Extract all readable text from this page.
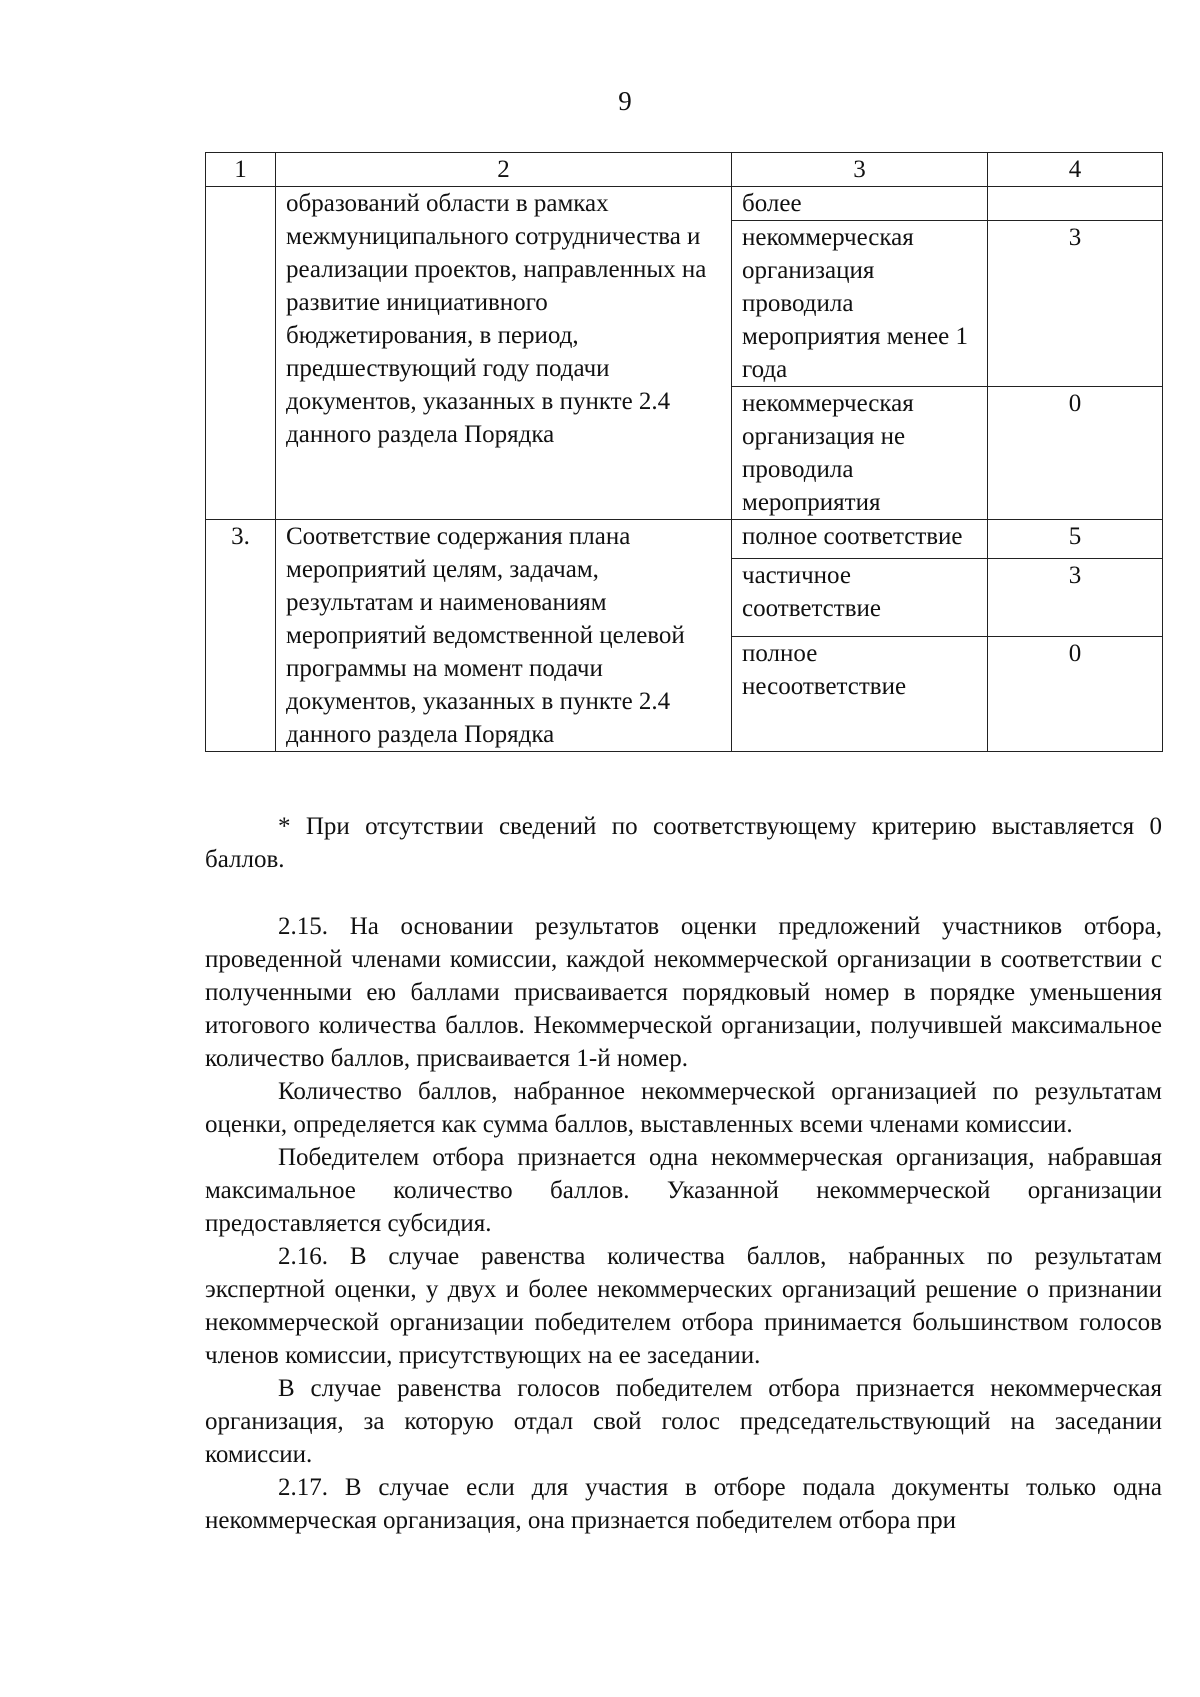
9
1	2	3	4
	образований области в рамках межмуниципального сотрудничества и реализации проектов, направленных на развитие инициативного бюджетирования, в период, предшествующий году подачи документов, указанных в пункте 2.4 данного раздела Порядка	более	
		некоммерческая организация проводила мероприятия менее 1 года	3
		некоммерческая организация не проводила мероприятия	0
3.	Соответствие содержания плана мероприятий целям, задачам, результатам и наименованиям мероприятий ведомственной целевой программы на момент подачи документов, указанных в пункте 2.4 данного раздела Порядка	полное соответствие	5
		частичное соответствие	3
		полное несоответствие	0

* При отсутствии сведений по соответствующему критерию выставляется 0 баллов.

2.15. На основании результатов оценки предложений участников отбора, проведенной членами комиссии, каждой некоммерческой организации в соответствии с полученными ею баллами присваивается порядковый номер в порядке уменьшения итогового количества баллов. Некоммерческой организации, получившей максимальное количество баллов, присваивается 1-й номер.

Количество баллов, набранное некоммерческой организацией по результатам оценки, определяется как сумма баллов, выставленных всеми членами комиссии.

Победителем отбора признается одна некоммерческая организация, набравшая максимальное количество баллов. Указанной некоммерческой организации предоставляется субсидия.

2.16. В случае равенства количества баллов, набранных по результатам экспертной оценки, у двух и более некоммерческих организаций решение о признании некоммерческой организации победителем отбора принимается большинством голосов членов комиссии, присутствующих на ее заседании.

В случае равенства голосов победителем отбора признается некоммерческая организация, за которую отдал свой голос председательствующий на заседании комиссии.

2.17. В случае если для участия в отборе подала документы только одна некоммерческая организация, она признается победителем отбора при
